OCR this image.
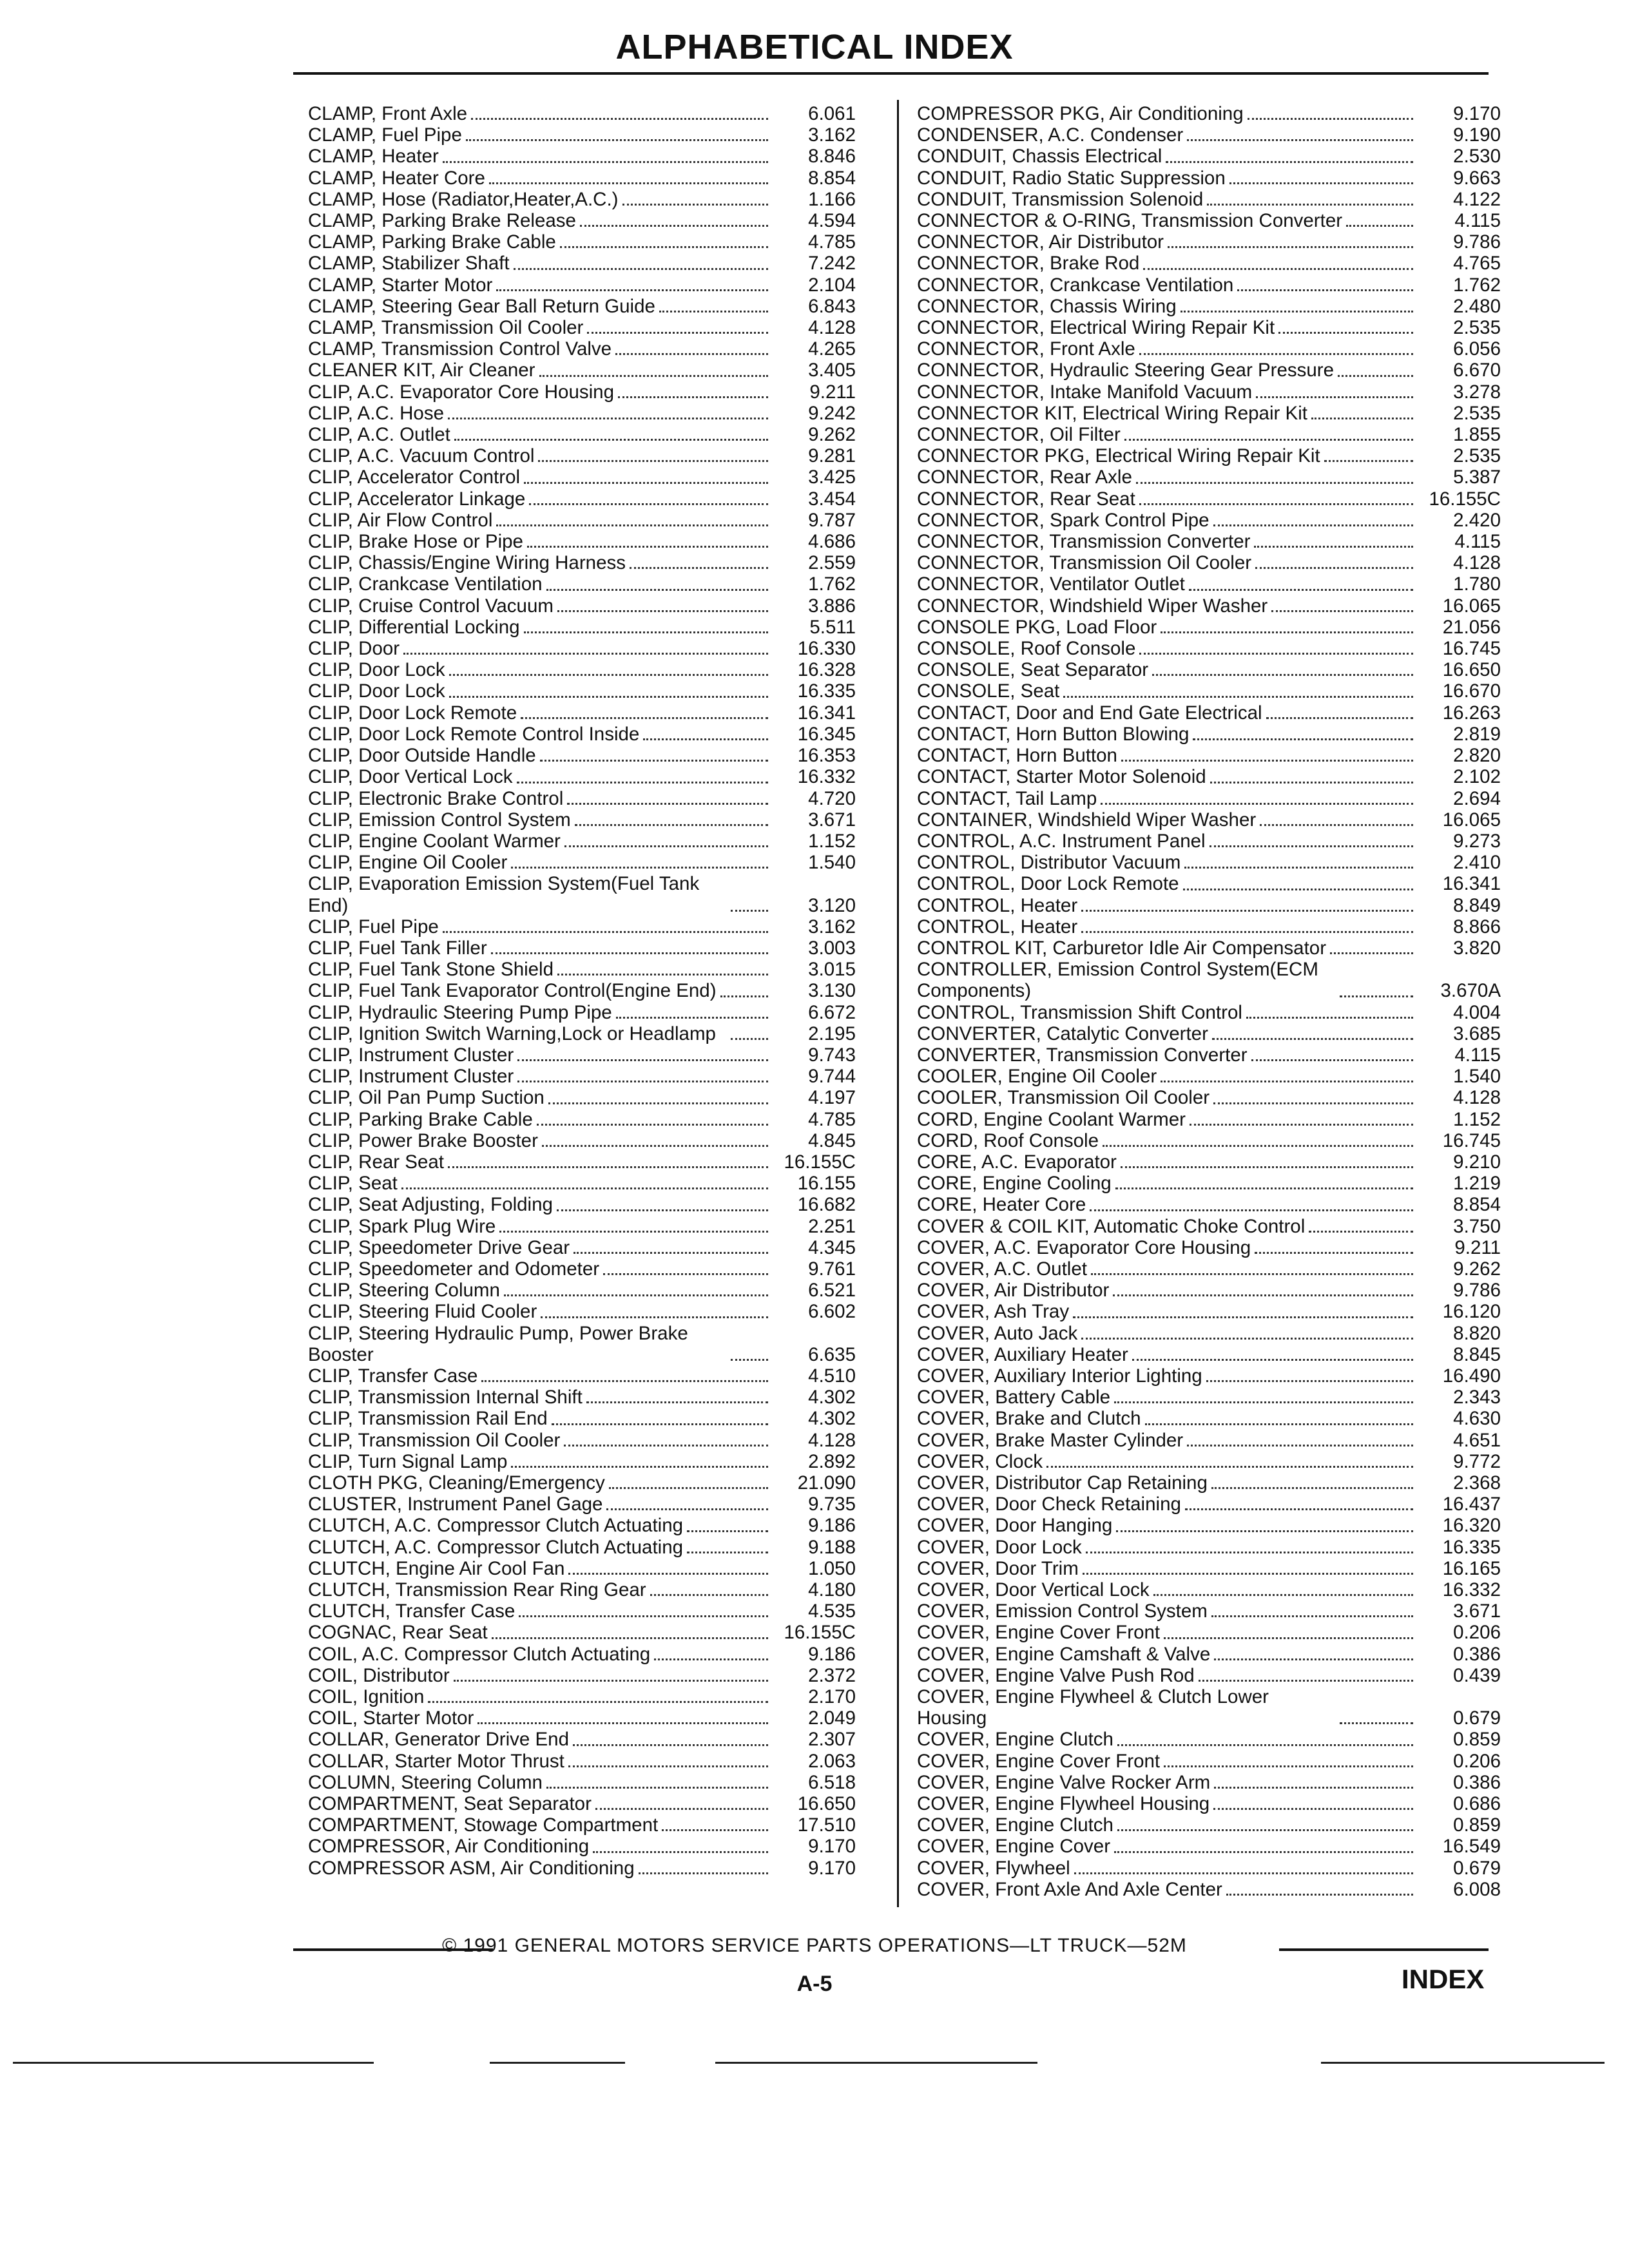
ALPHABETICAL INDEX
CLAMP, Front Axle	6.061
CLAMP, Fuel Pipe	3.162
CLAMP, Heater	8.846
CLAMP, Heater Core	8.854
CLAMP, Hose (Radiator,Heater,A.C.)	1.166
CLAMP, Parking Brake Release	4.594
CLAMP, Parking Brake Cable	4.785
CLAMP, Stabilizer Shaft	7.242
CLAMP, Starter Motor	2.104
CLAMP, Steering Gear Ball Return Guide	6.843
CLAMP, Transmission Oil Cooler	4.128
CLAMP, Transmission Control Valve	4.265
CLEANER KIT, Air Cleaner	3.405
CLIP, A.C. Evaporator Core Housing	9.211
CLIP, A.C. Hose	9.242
CLIP, A.C. Outlet	9.262
CLIP, A.C. Vacuum Control	9.281
CLIP, Accelerator Control	3.425
CLIP, Accelerator Linkage	3.454
CLIP, Air Flow Control	9.787
CLIP, Brake Hose or Pipe	4.686
CLIP, Chassis/Engine Wiring Harness	2.559
CLIP, Crankcase Ventilation	1.762
CLIP, Cruise Control Vacuum	3.886
CLIP, Differential Locking	5.511
CLIP, Door	16.330
CLIP, Door Lock	16.328
CLIP, Door Lock	16.335
CLIP, Door Lock Remote	16.341
CLIP, Door Lock Remote Control Inside	16.345
CLIP, Door Outside Handle	16.353
CLIP, Door Vertical Lock	16.332
CLIP, Electronic Brake Control	4.720
CLIP, Emission Control System	3.671
CLIP, Engine Coolant Warmer	1.152
CLIP, Engine Oil Cooler	1.540
CLIP, Evaporation Emission System(Fuel Tank End)	3.120
CLIP, Fuel Pipe	3.162
CLIP, Fuel Tank Filler	3.003
CLIP, Fuel Tank Stone Shield	3.015
CLIP, Fuel Tank Evaporator Control(Engine End)	3.130
CLIP, Hydraulic Steering Pump Pipe	6.672
CLIP, Ignition Switch Warning,Lock or Headlamp	2.195
CLIP, Instrument Cluster	9.743
CLIP, Instrument Cluster	9.744
CLIP, Oil Pan Pump Suction	4.197
CLIP, Parking Brake Cable	4.785
CLIP, Power Brake Booster	4.845
CLIP, Rear Seat	16.155C
CLIP, Seat	16.155
CLIP, Seat Adjusting, Folding	16.682
CLIP, Spark Plug Wire	2.251
CLIP, Speedometer Drive Gear	4.345
CLIP, Speedometer and Odometer	9.761
CLIP, Steering Column	6.521
CLIP, Steering Fluid Cooler	6.602
CLIP, Steering Hydraulic Pump, Power Brake Booster	6.635
CLIP, Transfer Case	4.510
CLIP, Transmission Internal Shift	4.302
CLIP, Transmission Rail End	4.302
CLIP, Transmission Oil Cooler	4.128
CLIP, Turn Signal Lamp	2.892
CLOTH PKG, Cleaning/Emergency	21.090
CLUSTER, Instrument Panel Gage	9.735
CLUTCH, A.C. Compressor Clutch Actuating	9.186
CLUTCH, A.C. Compressor Clutch Actuating	9.188
CLUTCH, Engine Air Cool Fan	1.050
CLUTCH, Transmission Rear Ring Gear	4.180
CLUTCH, Transfer Case	4.535
COGNAC, Rear Seat	16.155C
COIL, A.C. Compressor Clutch Actuating	9.186
COIL, Distributor	2.372
COIL, Ignition	2.170
COIL, Starter Motor	2.049
COLLAR, Generator Drive End	2.307
COLLAR, Starter Motor Thrust	2.063
COLUMN, Steering Column	6.518
COMPARTMENT, Seat Separator	16.650
COMPARTMENT, Stowage Compartment	17.510
COMPRESSOR, Air Conditioning	9.170
COMPRESSOR ASM, Air Conditioning	9.170
COMPRESSOR PKG, Air Conditioning	9.170
CONDENSER, A.C. Condenser	9.190
CONDUIT, Chassis Electrical	2.530
CONDUIT, Radio Static Suppression	9.663
CONDUIT, Transmission Solenoid	4.122
CONNECTOR & O-RING, Transmission Converter	4.115
CONNECTOR, Air Distributor	9.786
CONNECTOR, Brake Rod	4.765
CONNECTOR, Crankcase Ventilation	1.762
CONNECTOR, Chassis Wiring	2.480
CONNECTOR, Electrical Wiring Repair Kit	2.535
CONNECTOR, Front Axle	6.056
CONNECTOR, Hydraulic Steering Gear Pressure	6.670
CONNECTOR, Intake Manifold Vacuum	3.278
CONNECTOR KIT, Electrical Wiring Repair Kit	2.535
CONNECTOR, Oil Filter	1.855
CONNECTOR PKG, Electrical Wiring Repair Kit	2.535
CONNECTOR, Rear Axle	5.387
CONNECTOR, Rear Seat	16.155C
CONNECTOR, Spark Control Pipe	2.420
CONNECTOR, Transmission Converter	4.115
CONNECTOR, Transmission Oil Cooler	4.128
CONNECTOR, Ventilator Outlet	1.780
CONNECTOR, Windshield Wiper Washer	16.065
CONSOLE PKG, Load Floor	21.056
CONSOLE, Roof Console	16.745
CONSOLE, Seat Separator	16.650
CONSOLE, Seat	16.670
CONTACT, Door and End Gate Electrical	16.263
CONTACT, Horn Button Blowing	2.819
CONTACT, Horn Button	2.820
CONTACT, Starter Motor Solenoid	2.102
CONTACT, Tail Lamp	2.694
CONTAINER, Windshield Wiper Washer	16.065
CONTROL, A.C. Instrument Panel	9.273
CONTROL, Distributor Vacuum	2.410
CONTROL, Door Lock Remote	16.341
CONTROL, Heater	8.849
CONTROL, Heater	8.866
CONTROL KIT, Carburetor Idle Air Compensator	3.820
CONTROLLER, Emission Control System(ECM Components)	3.670A
CONTROL, Transmission Shift Control	4.004
CONVERTER, Catalytic Converter	3.685
CONVERTER, Transmission Converter	4.115
COOLER, Engine Oil Cooler	1.540
COOLER, Transmission Oil Cooler	4.128
CORD, Engine Coolant Warmer	1.152
CORD, Roof Console	16.745
CORE, A.C. Evaporator	9.210
CORE, Engine Cooling	1.219
CORE, Heater Core	8.854
COVER & COIL KIT, Automatic Choke Control	3.750
COVER, A.C. Evaporator Core Housing	9.211
COVER, A.C. Outlet	9.262
COVER, Air Distributor	9.786
COVER, Ash Tray	16.120
COVER, Auto Jack	8.820
COVER, Auxiliary Heater	8.845
COVER, Auxiliary Interior Lighting	16.490
COVER, Battery Cable	2.343
COVER, Brake and Clutch	4.630
COVER, Brake Master Cylinder	4.651
COVER, Clock	9.772
COVER, Distributor Cap Retaining	2.368
COVER, Door Check Retaining	16.437
COVER, Door Hanging	16.320
COVER, Door Lock	16.335
COVER, Door Trim	16.165
COVER, Door Vertical Lock	16.332
COVER, Emission Control System	3.671
COVER, Engine Cover Front	0.206
COVER, Engine Camshaft & Valve	0.386
COVER, Engine Valve Push Rod	0.439
COVER, Engine Flywheel & Clutch Lower Housing	0.679
COVER, Engine Clutch	0.859
COVER, Engine Cover Front	0.206
COVER, Engine Valve Rocker Arm	0.386
COVER, Engine Flywheel Housing	0.686
COVER, Engine Clutch	0.859
COVER, Engine Cover	16.549
COVER, Flywheel	0.679
COVER, Front Axle And Axle Center	6.008
© 1991 GENERAL MOTORS SERVICE PARTS OPERATIONS—LT TRUCK—52M
A-5	INDEX
